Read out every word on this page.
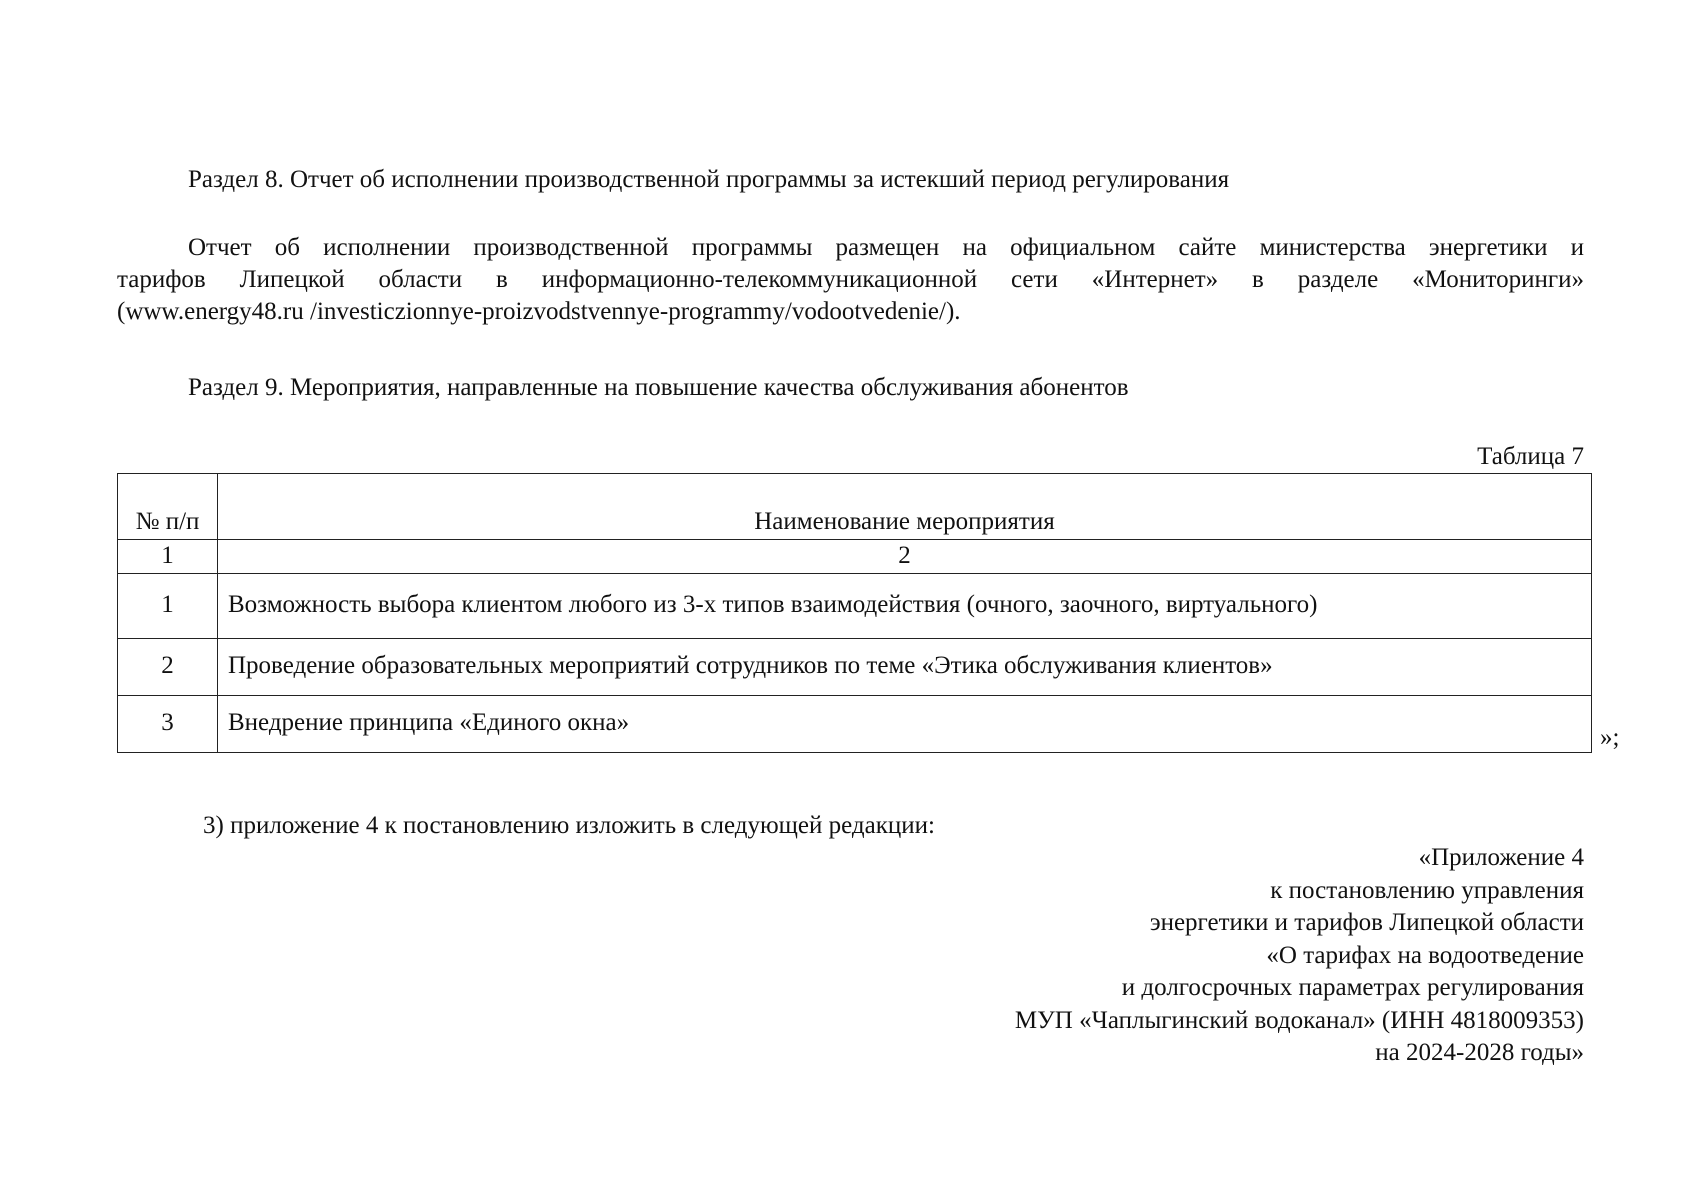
Раздел 8. Отчет об исполнении производственной программы за истекший период регулирования
Отчет об исполнении производственной программы размещен на официальном сайте министерства энергетики и
тарифов Липецкой области в информационно-телекоммуникационной сети «Интернет» в разделе «Мониторинги»
(www.energy48.ru /investiczionnye-proizvodstvennye-programmy/vodootvedenie/).
Раздел 9. Мероприятия, направленные на повышение качества обслуживания абонентов
Таблица 7
№ п/п	Наименование мероприятия
1	2
1	Возможность выбора клиентом любого из 3-х типов взаимодействия (очного, заочного, виртуального)
2	Проведение образовательных мероприятий сотрудников по теме «Этика обслуживания клиентов»
3	Внедрение принципа «Единого окна»
»;
3) приложение 4 к постановлению изложить в следующей редакции:
«Приложение 4
к постановлению управления
энергетики и тарифов Липецкой области
«О тарифах на водоотведение
и долгосрочных параметрах регулирования
МУП «Чаплыгинский водоканал» (ИНН 4818009353)
на 2024-2028 годы»
